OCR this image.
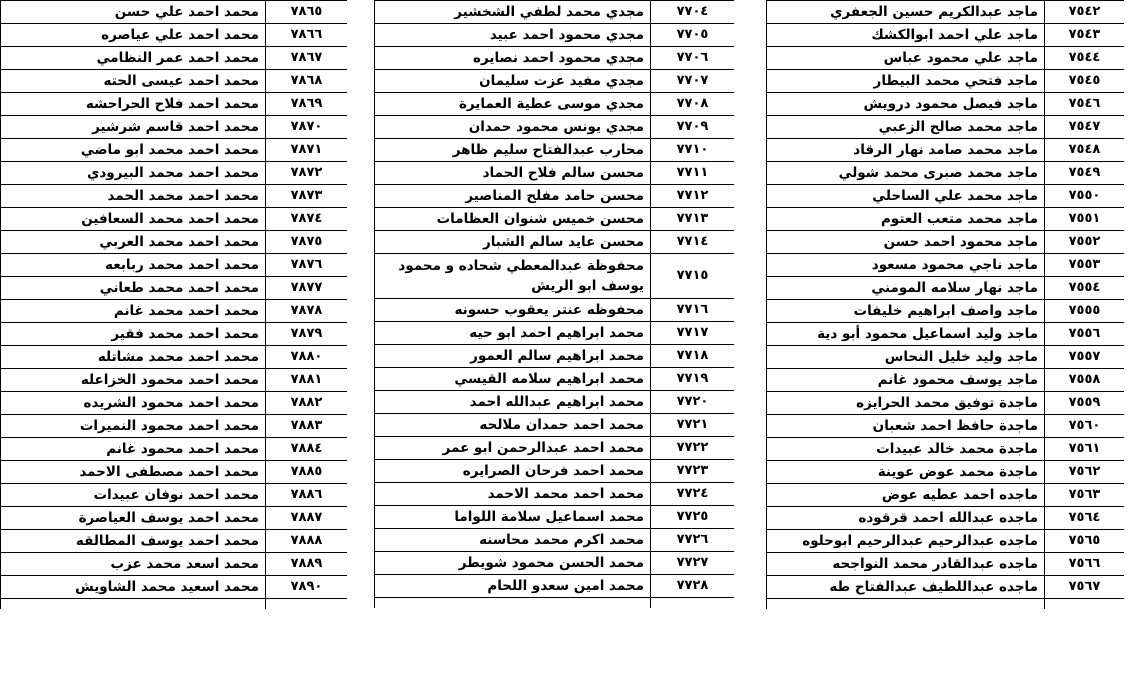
٧٨٦٥	محمد احمد علي حسن
٧٨٦٦	محمد احمد علي عياصره
٧٨٦٧	محمد احمد عمر النظامي
٧٨٦٨	محمد احمد عيسى الحته
٧٨٦٩	محمد احمد فلاح الحراحشه
٧٨٧٠	محمد احمد قاسم شرشير
٧٨٧١	محمد احمد محمد ابو ماضي
٧٨٧٢	محمد احمد محمد البيرودي
٧٨٧٣	محمد احمد محمد الحمد
٧٨٧٤	محمد احمد محمد السعافين
٧٨٧٥	محمد احمد محمد العربي
٧٨٧٦	محمد احمد محمد ربابعه
٧٨٧٧	محمد احمد محمد طعاني
٧٨٧٨	محمد احمد محمد غانم
٧٨٧٩	محمد احمد محمد فقير
٧٨٨٠	محمد احمد محمد مشاتله
٧٨٨١	محمد احمد محمود الخزاعله
٧٨٨٢	محمد احمد محمود الشريده
٧٨٨٣	محمد احمد محمود النميرات
٧٨٨٤	محمد احمد محمود غانم
٧٨٨٥	محمد احمد مصطفى الاحمد
٧٨٨٦	محمد احمد نوفان عبيدات
٧٨٨٧	محمد احمد يوسف العياصرة
٧٨٨٨	محمد احمد يوسف المطالقه
٧٨٨٩	محمد اسعد محمد عزب
٧٨٩٠	محمد اسعيد محمد الشاويش

٧٧٠٤	مجدي محمد لطفي الشخشير
٧٧٠٥	مجدي محمود احمد عبيد
٧٧٠٦	مجدي محمود احمد نصايره
٧٧٠٧	مجدي مفيد عزت سليمان
٧٧٠٨	مجدي موسى عطية العمايرة
٧٧٠٩	مجدي يونس محمود حمدان
٧٧١٠	محارب عبدالفتاح سليم ظاهر
٧٧١١	محسن سالم فلاح الحماد
٧٧١٢	محسن حامد مفلح المناصير
٧٧١٣	محسن خميس شنوان العظامات
٧٧١٤	محسن عايد سالم الشبار
٧٧١٥	محفوظة عبدالمعطي شحاده و محمود يوسف ابو الريش
٧٧١٦	محفوظه عنتر يعقوب حسونه
٧٧١٧	محمد ابراهيم احمد ابو حيه
٧٧١٨	محمد ابراهيم سالم العمور
٧٧١٩	محمد ابراهيم سلامه القيسي
٧٧٢٠	محمد ابراهيم عبدالله احمد
٧٧٢١	محمد احمد حمدان ملالحه
٧٧٢٢	محمد احمد عبدالرحمن ابو عمر
٧٧٢٣	محمد احمد فرحان الصرايره
٧٧٢٤	محمد احمد محمد الاحمد
٧٧٢٥	محمد اسماعيل سلامة اللواما
٧٧٢٦	محمد اكرم محمد محاسنه
٧٧٢٧	محمد الحسن محمود شويطر
٧٧٢٨	محمد امين سعدو اللحام

٧٥٤٢	ماجد عبدالكريم حسين الجعفري
٧٥٤٣	ماجد علي احمد ابوالكشك
٧٥٤٤	ماجد علي محمود عباس
٧٥٤٥	ماجد فتحي محمد البيطار
٧٥٤٦	ماجد فيصل محمود درويش
٧٥٤٧	ماجد محمد صالح الزعبي
٧٥٤٨	ماجد محمد صامد نهار الرقاد
٧٥٤٩	ماجد محمد صبرى محمد شولي
٧٥٥٠	ماجد محمد علي الساحلي
٧٥٥١	ماجد محمد متعب العتوم
٧٥٥٢	ماجد محمود احمد حسن
٧٥٥٣	ماجد ناجي محمود مسعود
٧٥٥٤	ماجد نهار سلامه المومني
٧٥٥٥	ماجد واصف ابراهيم خليفات
٧٥٥٦	ماجد وليد اسماعيل محمود أبو دية
٧٥٥٧	ماجد وليد خليل النحاس
٧٥٥٨	ماجد يوسف محمود غانم
٧٥٥٩	ماجدة توفيق محمد الحرايزه
٧٥٦٠	ماجدة حافظ احمد شعبان
٧٥٦١	ماجدة محمد خالد عبيدات
٧٥٦٢	ماجدة محمد عوض عوينة
٧٥٦٣	ماجده احمد عطيه عوض
٧٥٦٤	ماجده عبدالله احمد قرقوده
٧٥٦٥	ماجده عبدالرحيم عبدالرحيم ابوحلوه
٧٥٦٦	ماجده عبدالقادر محمد النواجحه
٧٥٦٧	ماجده عبداللطيف عبدالفتاح طه
